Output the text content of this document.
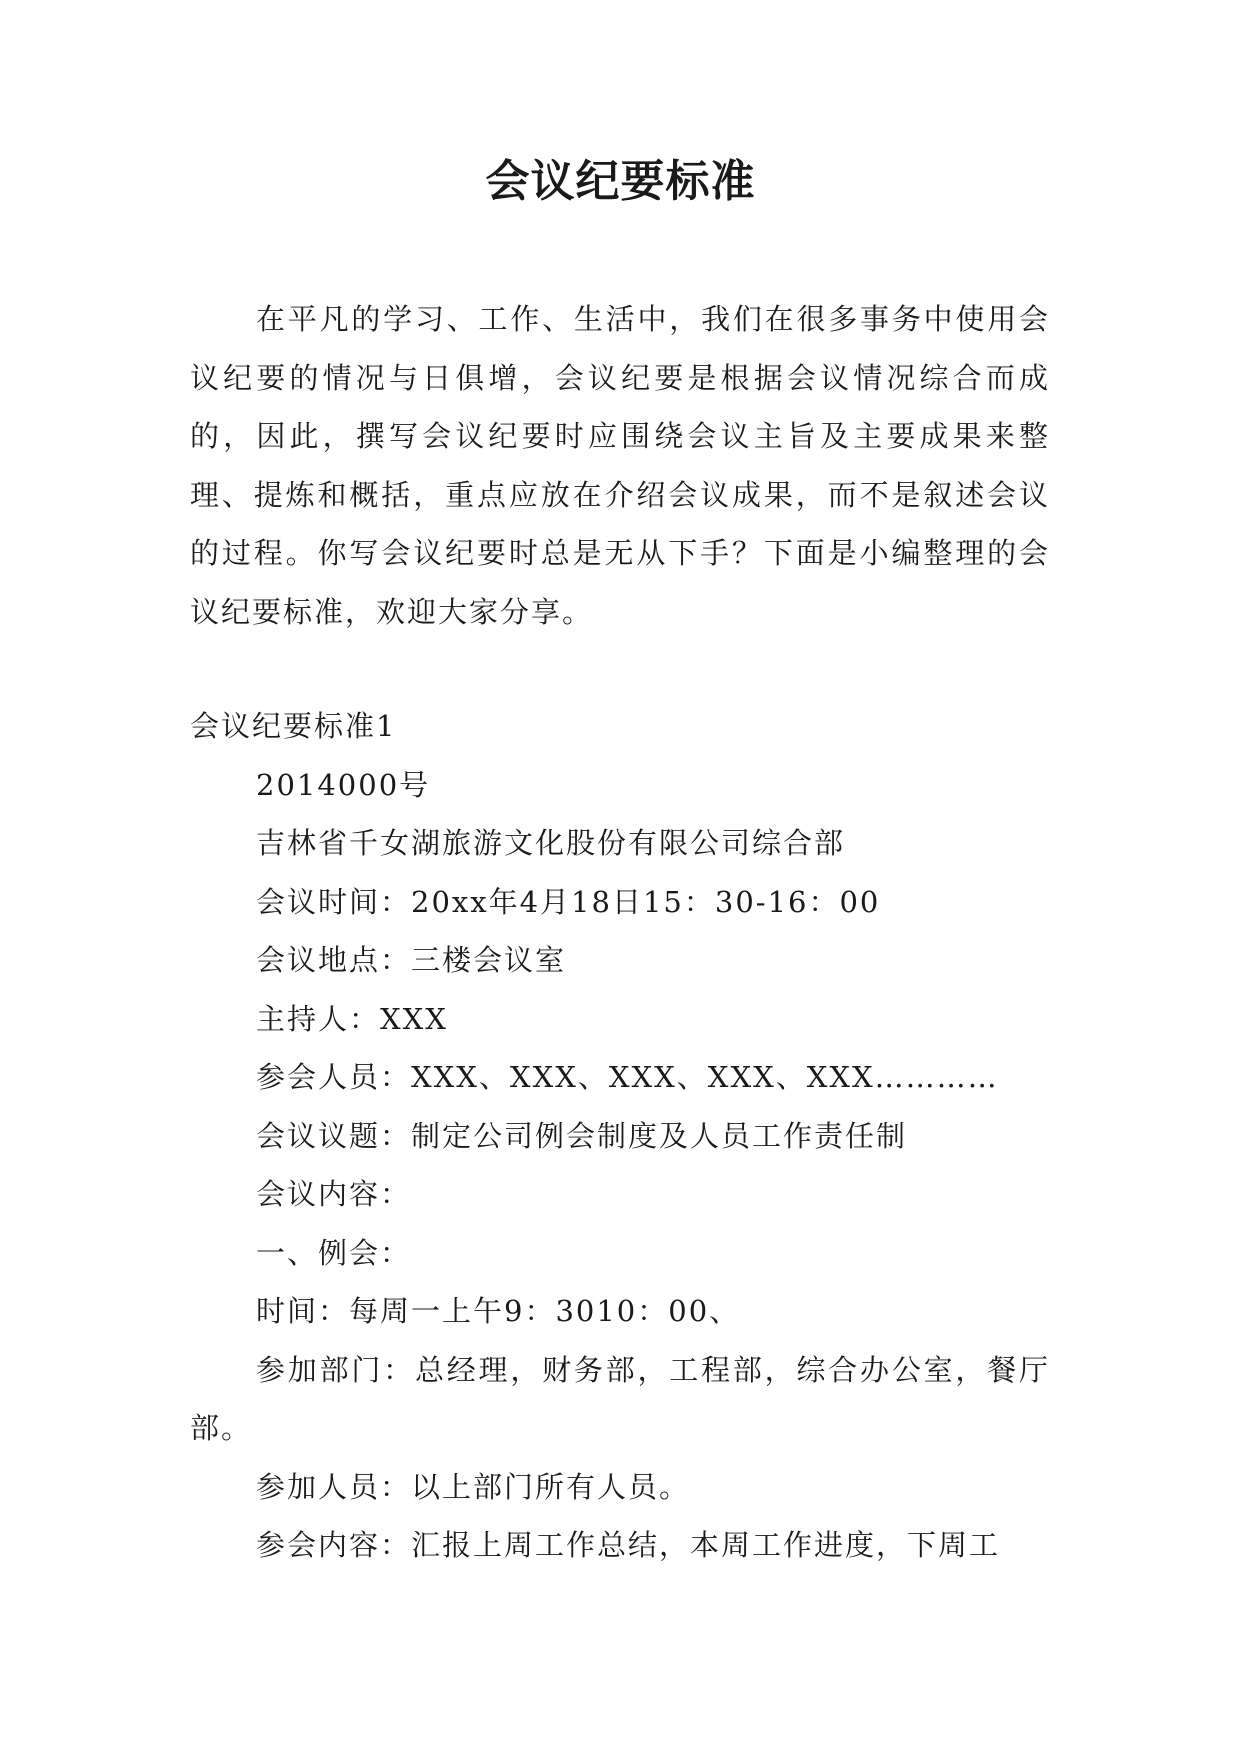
会议纪要标准

在平凡的学习、工作、生活中，我们在很多事务中使用会议纪要的情况与日俱增，会议纪要是根据会议情况综合而成的，因此，撰写会议纪要时应围绕会议主旨及主要成果来整理、提炼和概括，重点应放在介绍会议成果，而不是叙述会议的过程。你写会议纪要时总是无从下手？下面是小编整理的会议纪要标准，欢迎大家分享。

会议纪要标准1
2014000号
吉林省千女湖旅游文化股份有限公司综合部
会议时间：20xx年4月18日15：30-16：00
会议地点：三楼会议室
主持人：XXX
参会人员：XXX、XXX、XXX、XXX、XXX…………
会议议题：制定公司例会制度及人员工作责任制
会议内容：
一、例会：
时间：每周一上午9：3010：00、
参加部门：总经理，财务部，工程部，综合办公室，餐厅部。
参加人员：以上部门所有人员。
参会内容：汇报上周工作总结，本周工作进度，下周工
